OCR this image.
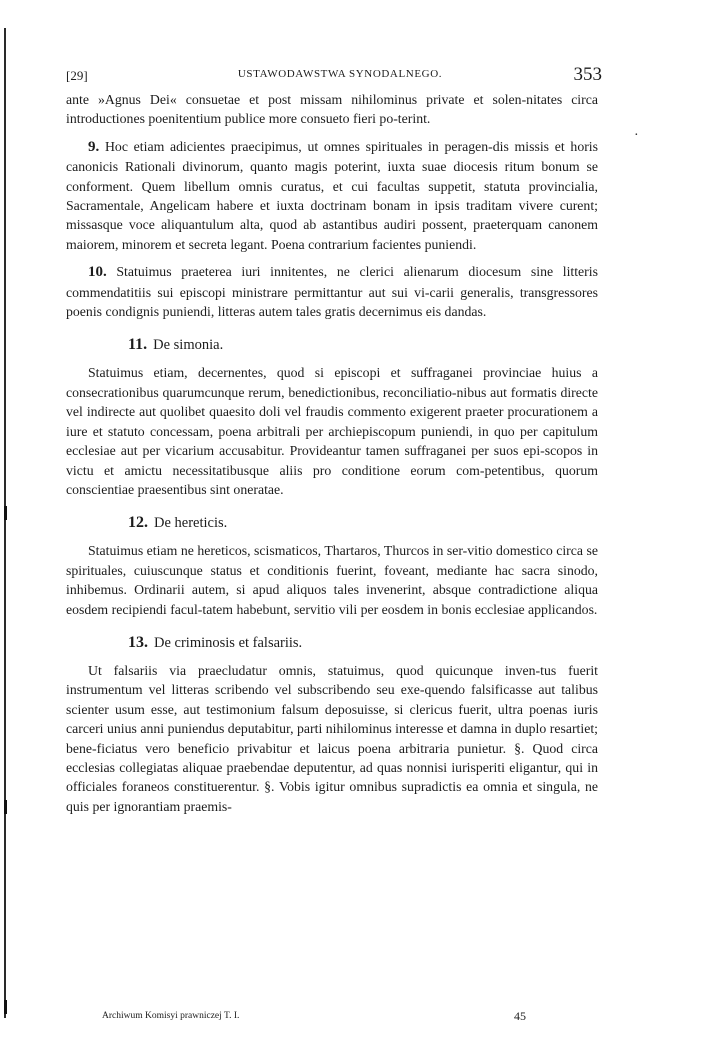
·
[29]	USTAWODAWSTWA SYNODALNEGO.	353

ante »Agnus Dei« consuetae et post missam nihilominus private et solen-nitates circa introductiones poenitentium publice more consueto fieri po-terint.

9. Hoc etiam adicientes praecipimus, ut omnes spirituales in peragen-dis missis et horis canonicis Rationali divinorum, quanto magis poterint, iuxta suae diocesis ritum bonum se conforment. Quem libellum omnis curatus, et cui facultas suppetit, statuta provincialia, Sacramentale, Angelicam habere et iuxta doctrinam bonam in ipsis traditam vivere curent; missasque voce aliquantulum alta, quod ab astantibus audiri possent, praeterquam canonem maiorem, minorem et secreta legant. Poena contrarium facientes puniendi.

10. Statuimus praeterea iuri innitentes, ne clerici alienarum diocesum sine litteris commendatitiis sui episcopi ministrare permittantur aut sui vi-carii generalis, transgressores poenis condignis puniendi, litteras autem tales gratis decernimus eis dandas.

11. De simonia.

Statuimus etiam, decernentes, quod si episcopi et suffraganei provinciae huius a consecrationibus quarumcunque rerum, benedictionibus, reconciliatio-nibus aut formatis directe vel indirecte aut quolibet quaesito doli vel fraudis commento exigerent praeter procurationem a iure et statuto concessam, poena arbitrali per archiepiscopum puniendi, in quo per capitulum ecclesiae aut per vicarium accusabitur. Provideantur tamen suffraganei per suos epi-scopos in victu et amictu necessitatibusque aliis pro conditione eorum com-petentibus, quorum conscientiae praesentibus sint oneratae.

12. De hereticis.

Statuimus etiam ne hereticos, scismaticos, Thartaros, Thurcos in ser-vitio domestico circa se spirituales, cuiuscunque status et conditionis fuerint, foveant, mediante hac sacra sinodo, inhibemus. Ordinarii autem, si apud aliquos tales invenerint, absque contradictione aliqua eosdem recipiendi facul-tatem habebunt, servitio vili per eosdem in bonis ecclesiae applicandos.

13. De criminosis et falsariis.

Ut falsariis via praecludatur omnis, statuimus, quod quicunque inven-tus fuerit instrumentum vel litteras scribendo vel subscribendo seu exe-quendo falsificasse aut talibus scienter usum esse, aut testimonium falsum deposuisse, si clericus fuerit, ultra poenas iuris carceri unius anni puniendus deputabitur, parti nihilominus interesse et damna in duplo resartiet; bene-ficiatus vero beneficio privabitur et laicus poena arbitraria punietur. §. Quod circa ecclesias collegiatas aliquae praebendae deputentur, ad quas nonnisi iurisperiti eligantur, qui in officiales foraneos constituerentur. §. Vobis igitur omnibus supradictis ea omnia et singula, ne quis per ignorantiam praemis-

Archiwum Komisyi prawniczej T. I.	45
